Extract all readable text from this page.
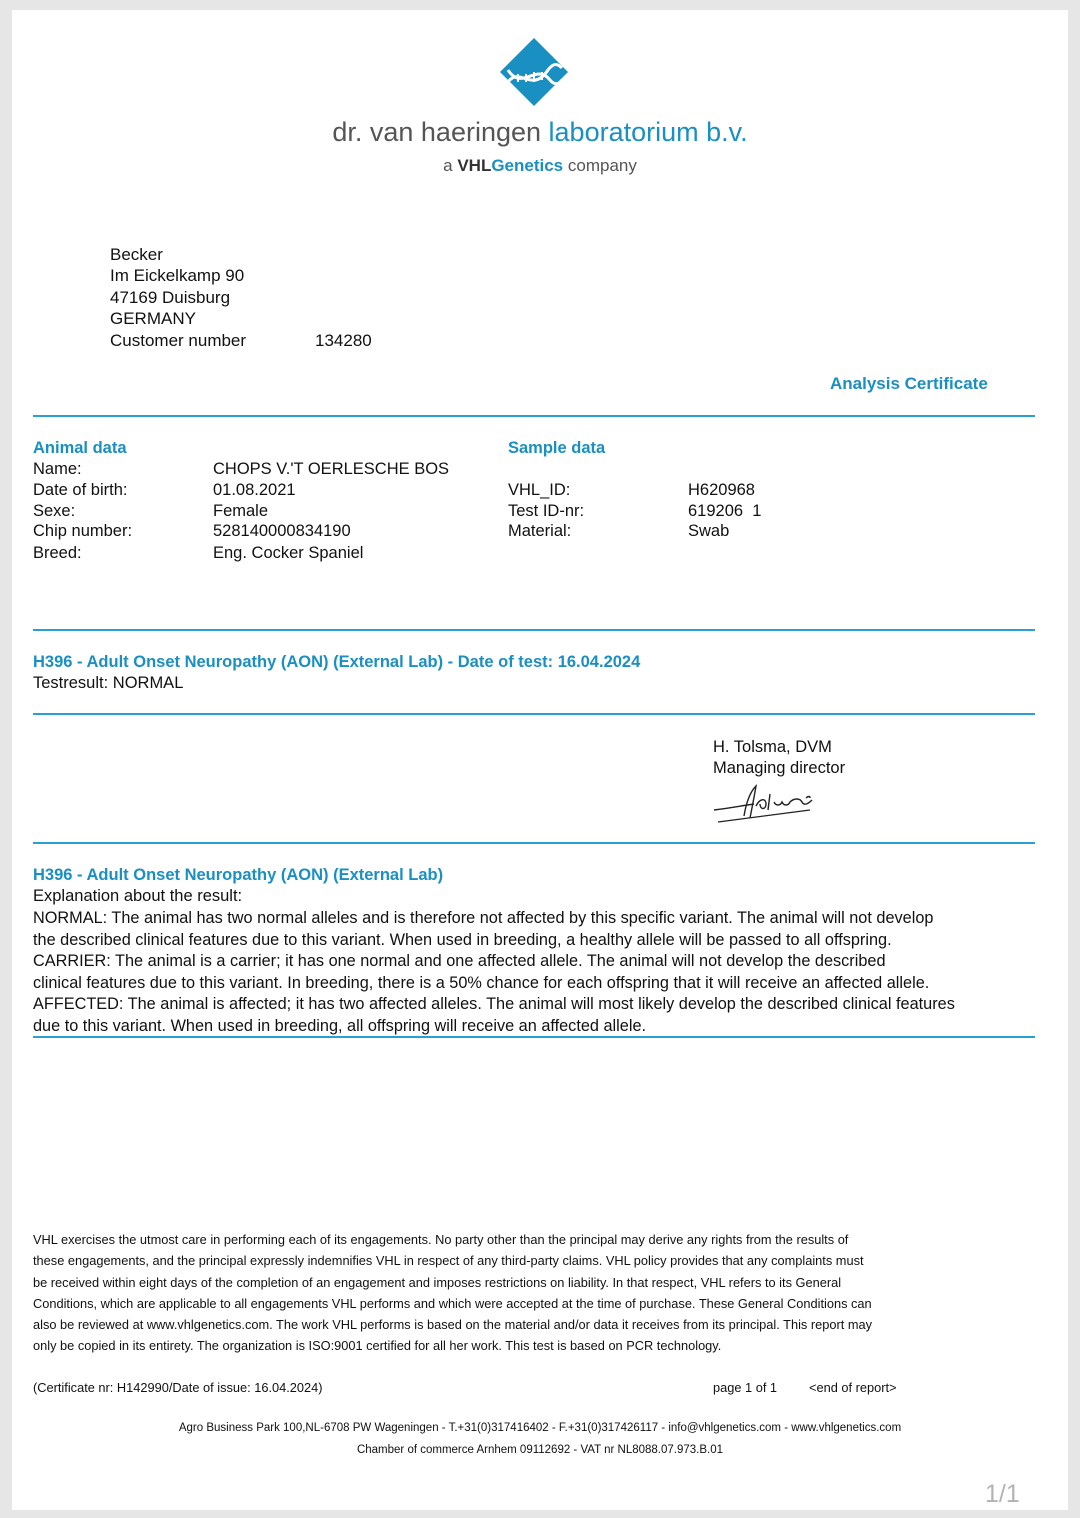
dr. van haeringen laboratorium b.v.
a VHLGenetics company
Becker
Im Eickelkamp 90
47169 Duisburg
GERMANY
Customer number	134280
Analysis Certificate
Animal data
Name:	CHOPS V.'T OERLESCHE BOS
Date of birth:	01.08.2021
Sexe:	Female
Chip number:	528140000834190
Breed:	Eng. Cocker Spaniel
Sample data
VHL_ID:	H620968
Test ID-nr:	619206  1
Material:	Swab
H396 - Adult Onset Neuropathy (AON) (External Lab) - Date of test: 16.04.2024
Testresult: NORMAL
H. Tolsma, DVM
Managing director
H396 - Adult Onset Neuropathy (AON) (External Lab)
Explanation about the result:

NORMAL: The animal has two normal alleles and is therefore not affected by this specific variant. The animal will not develop

the described clinical features due to this variant. When used in breeding, a healthy allele will be passed to all offspring.

CARRIER: The animal is a carrier; it has one normal and one affected allele. The animal will not develop the described

clinical features due to this variant. In breeding, there is a 50% chance for each offspring that it will receive an affected allele.

AFFECTED: The animal is affected; it has two affected alleles. The animal will most likely develop the described clinical features

due to this variant. When used in breeding, all offspring will receive an affected allele.

VHL exercises the utmost care in performing each of its engagements. No party other than the principal may derive any rights from the results of
these engagements, and the principal expressly indemnifies VHL in respect of any third-party claims. VHL policy provides that any complaints must
be received within eight days of the completion of an engagement and imposes restrictions on liability. In that respect, VHL refers to its General
Conditions, which are applicable to all engagements VHL performs and which were accepted at the time of purchase. These General Conditions can
also be reviewed at www.vhlgenetics.com. The work VHL performs is based on the material and/or data it receives from its principal. This report may
only be copied in its entirety. The organization is ISO:9001 certified for all her work. This test is based on PCR technology.
(Certificate nr: H142990/Date of issue: 16.04.2024)	page 1 of 1 <end of report>
Agro Business Park 100,NL-6708 PW Wageningen - T.+31(0)317416402 - F.+31(0)317426117 - info@vhlgenetics.com - www.vhlgenetics.com
Chamber of commerce Arnhem 09112692 - VAT nr NL8088.07.973.B.01
1/1
